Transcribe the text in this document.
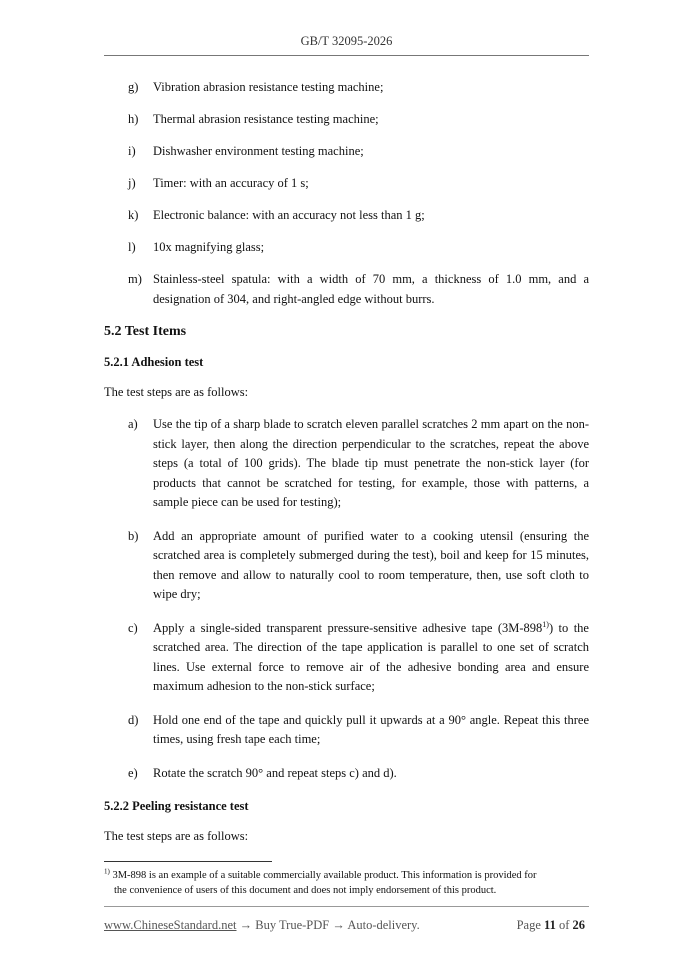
GB/T 32095-2026
g) Vibration abrasion resistance testing machine;
h) Thermal abrasion resistance testing machine;
i) Dishwasher environment testing machine;
j) Timer: with an accuracy of 1 s;
k) Electronic balance: with an accuracy not less than 1 g;
l) 10x magnifying glass;
m) Stainless-steel spatula: with a width of 70 mm, a thickness of 1.0 mm, and a designation of 304, and right-angled edge without burrs.
5.2 Test Items
5.2.1 Adhesion test
The test steps are as follows:
a) Use the tip of a sharp blade to scratch eleven parallel scratches 2 mm apart on the non-stick layer, then along the direction perpendicular to the scratches, repeat the above steps (a total of 100 grids). The blade tip must penetrate the non-stick layer (for products that cannot be scratched for testing, for example, those with patterns, a sample piece can be used for testing);
b) Add an appropriate amount of purified water to a cooking utensil (ensuring the scratched area is completely submerged during the test), boil and keep for 15 minutes, then remove and allow to naturally cool to room temperature, then, use soft cloth to wipe dry;
c) Apply a single-sided transparent pressure-sensitive adhesive tape (3M-898$^{1)}$) to the scratched area. The direction of the tape application is parallel to one set of scratch lines. Use external force to remove air of the adhesive bonding area and ensure maximum adhesion to the non-stick surface;
d) Hold one end of the tape and quickly pull it upwards at a 90° angle. Repeat this three times, using fresh tape each time;
e) Rotate the scratch 90° and repeat steps c) and d).
5.2.2 Peeling resistance test
The test steps are as follows:
$^{1)}$ 3M-898 is an example of a suitable commercially available product. This information is provided for
the convenience of users of this document and does not imply endorsement of this product.
www.ChineseStandard.net → Buy True-PDF → Auto-delivery.	Page 11 of 26
